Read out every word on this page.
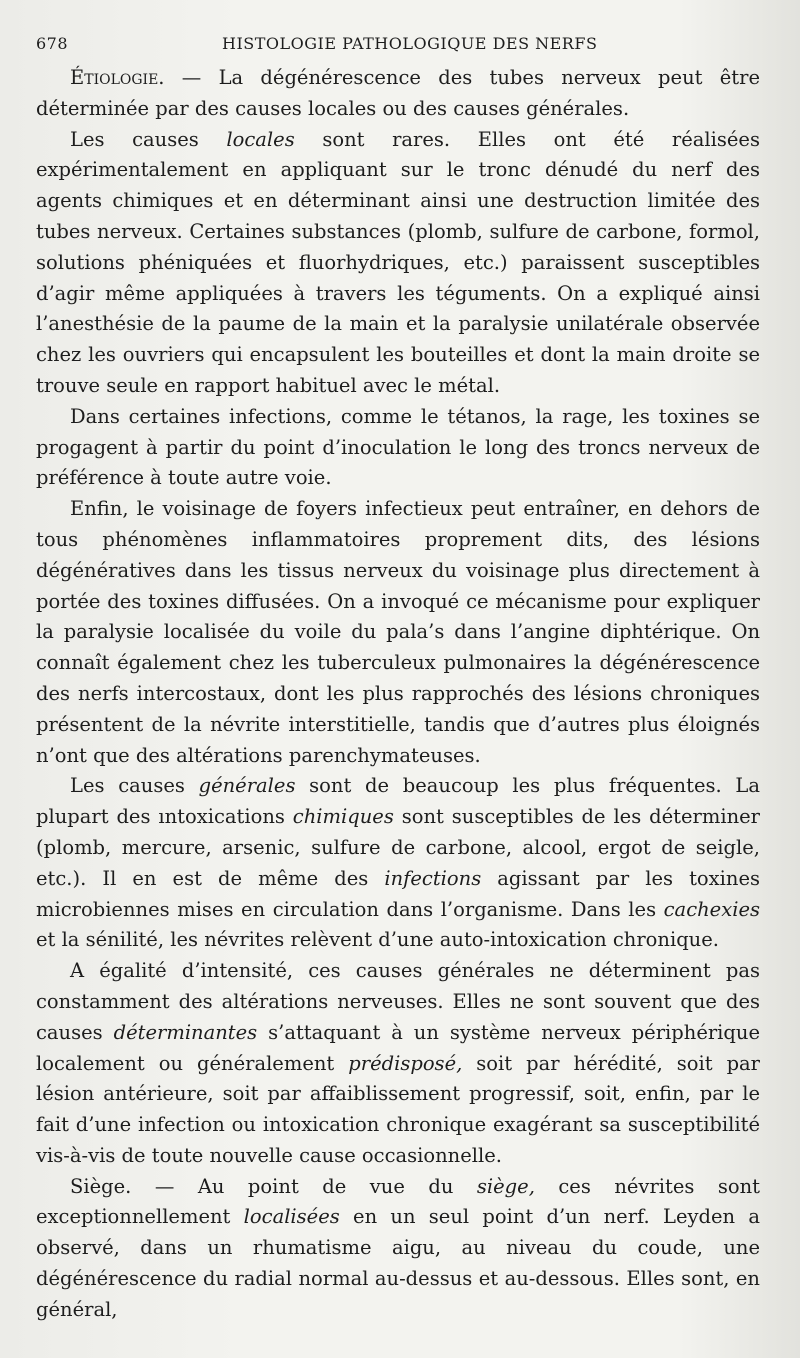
678	HISTOLOGIE PATHOLOGIQUE DES NERFS

Étiologie. — La dégénérescence des tubes nerveux peut être déterminée par des causes locales ou des causes générales.

Les causes locales sont rares. Elles ont été réalisées expérimentalement en appliquant sur le tronc dénudé du nerf des agents chimiques et en déterminant ainsi une destruction limitée des tubes nerveux. Certaines substances (plomb, sulfure de carbone, formol, solutions phéniquées et fluorhydriques, etc.) paraissent susceptibles d’agir même appliquées à travers les téguments. On a expliqué ainsi l’anesthésie de la paume de la main et la paralysie unilatérale observée chez les ouvriers qui encapsulent les bouteilles et dont la main droite se trouve seule en rapport habituel avec le métal.

Dans certaines infections, comme le tétanos, la rage, les toxines se progagent à partir du point d’inoculation le long des troncs nerveux de préférence à toute autre voie.

Enfin, le voisinage de foyers infectieux peut entraîner, en dehors de tous phénomènes inflammatoires proprement dits, des lésions dégénératives dans les tissus nerveux du voisinage plus directement à portée des toxines diffusées. On a invoqué ce mécanisme pour expliquer la paralysie localisée du voile du pala’s dans l’angine diphtérique. On connaît également chez les tuberculeux pulmonaires la dégénérescence des nerfs intercostaux, dont les plus rapprochés des lésions chroniques présentent de la névrite interstitielle, tandis que d’autres plus éloignés n’ont que des altérations parenchymateuses.

Les causes générales sont de beaucoup les plus fréquentes. La plupart des ıntoxications chimiques sont susceptibles de les déterminer (plomb, mercure, arsenic, sulfure de carbone, alcool, ergot de seigle, etc.). Il en est de même des infections agissant par les toxines microbiennes mises en circulation dans l’organisme. Dans les cachexies et la sénilité, les névrites relèvent d’une auto-intoxication chronique.

A égalité d’intensité, ces causes générales ne déterminent pas constamment des altérations nerveuses. Elles ne sont souvent que des causes déterminantes s’attaquant à un système nerveux périphérique localement ou généralement prédisposé, soit par hérédité, soit par lésion antérieure, soit par affaiblissement progressif, soit, enfin, par le fait d’une infection ou intoxication chronique exagérant sa susceptibilité vis-à-vis de toute nouvelle cause occasionnelle.

Siège. — Au point de vue du siège, ces névrites sont exceptionnellement localisées en un seul point d’un nerf. Leyden a observé, dans un rhumatisme aigu, au niveau du coude, une dégénérescence du radial normal au-dessus et au-dessous. Elles sont, en général,
